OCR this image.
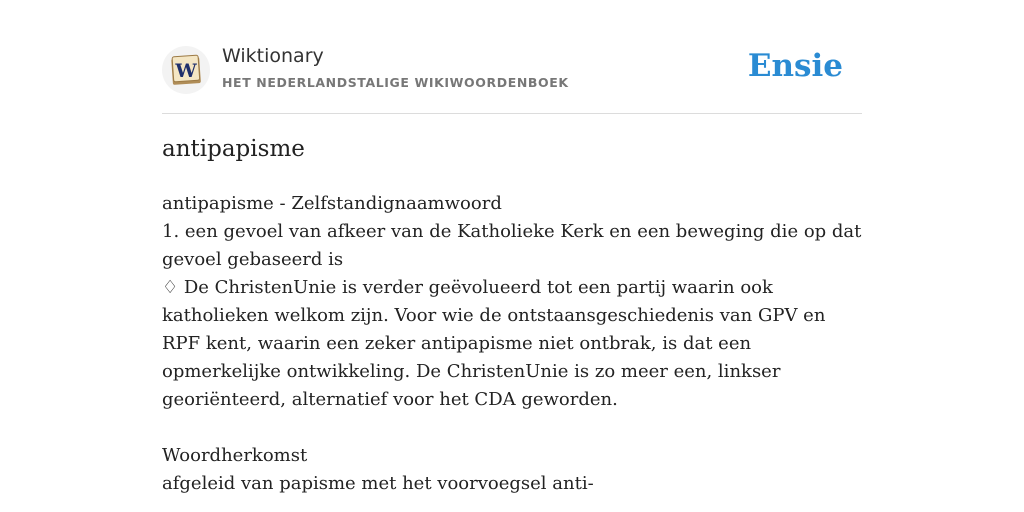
W
Wiktionary
HET NEDERLANDSTALIGE WIKIWOORDENBOEK	Ensie
antipapisme

antipapisme - Zelfstandignaamwoord

1. een gevoel van afkeer van de Katholieke Kerk en een beweging die op dat gevoel gebaseerd is

♢ De ChristenUnie is verder geëvolueerd tot een partij waarin ook katholieken welkom zijn. Voor wie de ontstaansgeschiedenis van GPV en RPF kent, waarin een zeker antipapisme niet ontbrak, is dat een opmerkelijke ontwikkeling. De ChristenUnie is zo meer een, linkser georiënteerd, alternatief voor het CDA geworden.

Woordherkomst

afgeleid van papisme met het voorvoegsel anti-
